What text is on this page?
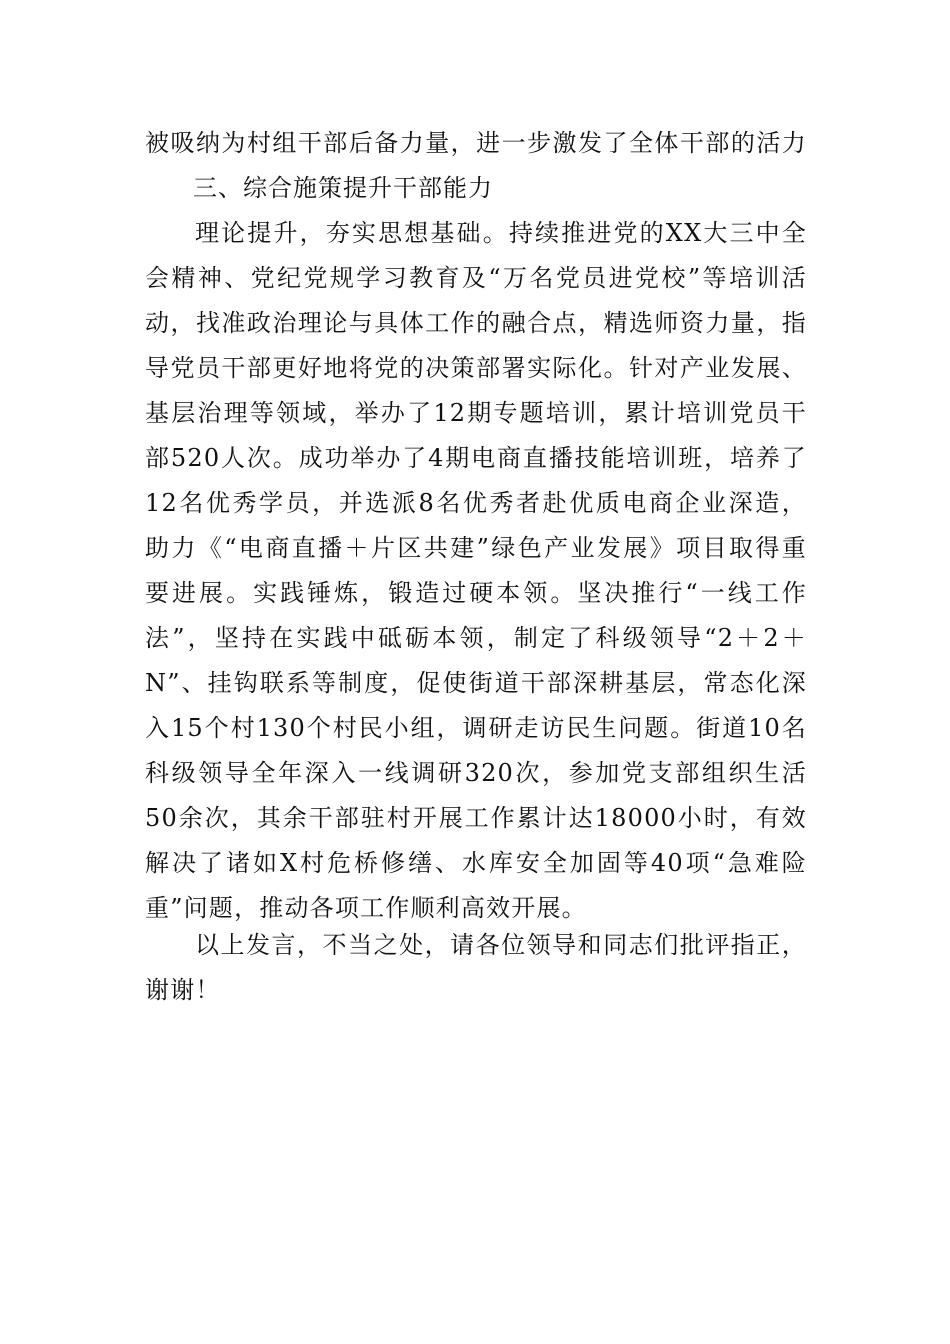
被吸纳为村组干部后备力量，进一步激发了全体干部的活力
三、综合施策提升干部能力
理论提升，夯实思想基础。持续推进党的XX大三中全
会精神、党纪党规学习教育及“万名党员进党校”等培训活
动，找准政治理论与具体工作的融合点，精选师资力量，指
导党员干部更好地将党的决策部署实际化。针对产业发展、
基层治理等领域，举办了12期专题培训，累计培训党员干
部520人次。成功举办了4期电商直播技能培训班，培养了
12名优秀学员，并选派8名优秀者赴优质电商企业深造，
助力《“电商直播＋片区共建”绿色产业发展》项目取得重
要进展。实践锤炼，锻造过硬本领。坚决推行“一线工作
法”，坚持在实践中砥砺本领，制定了科级领导“2＋2＋
N”、挂钩联系等制度，促使街道干部深耕基层，常态化深
入15个村130个村民小组，调研走访民生问题。街道10名
科级领导全年深入一线调研320次，参加党支部组织生活
50余次，其余干部驻村开展工作累计达18000小时，有效
解决了诸如X村危桥修缮、水库安全加固等40项“急难险
重”问题，推动各项工作顺利高效开展。
以上发言，不当之处，请各位领导和同志们批评指正，
谢谢！
